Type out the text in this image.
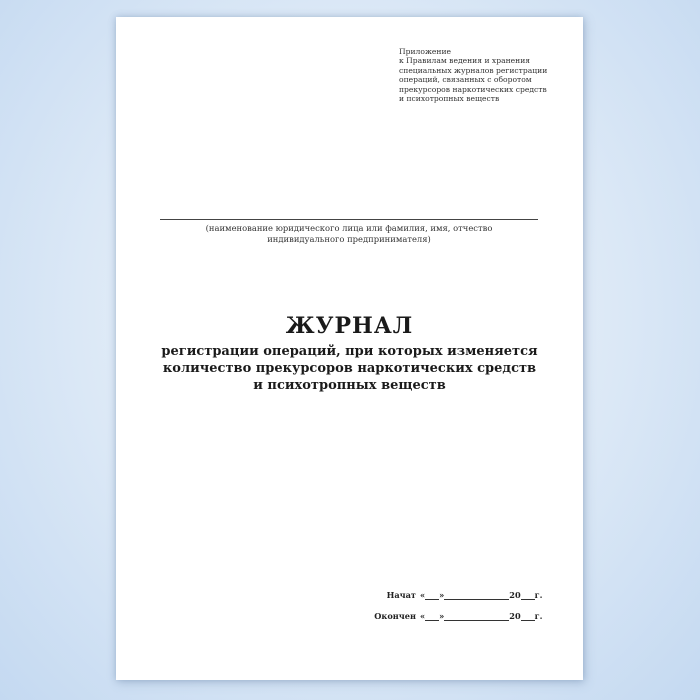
Приложение
к Правилам ведения и хранения
специальных журналов регистрации
операций, связанных с оборотом
прекурсоров наркотических средств
и психотропных веществ
(наименование юридического лица или фамилия, имя, отчество
индивидуального предпринимателя)
ЖУРНАЛ
регистрации операций, при которых изменяется
количество прекурсоров наркотических средств
и психотропных веществ
Начат « »	20 г.
Окончен « »	20 г.
